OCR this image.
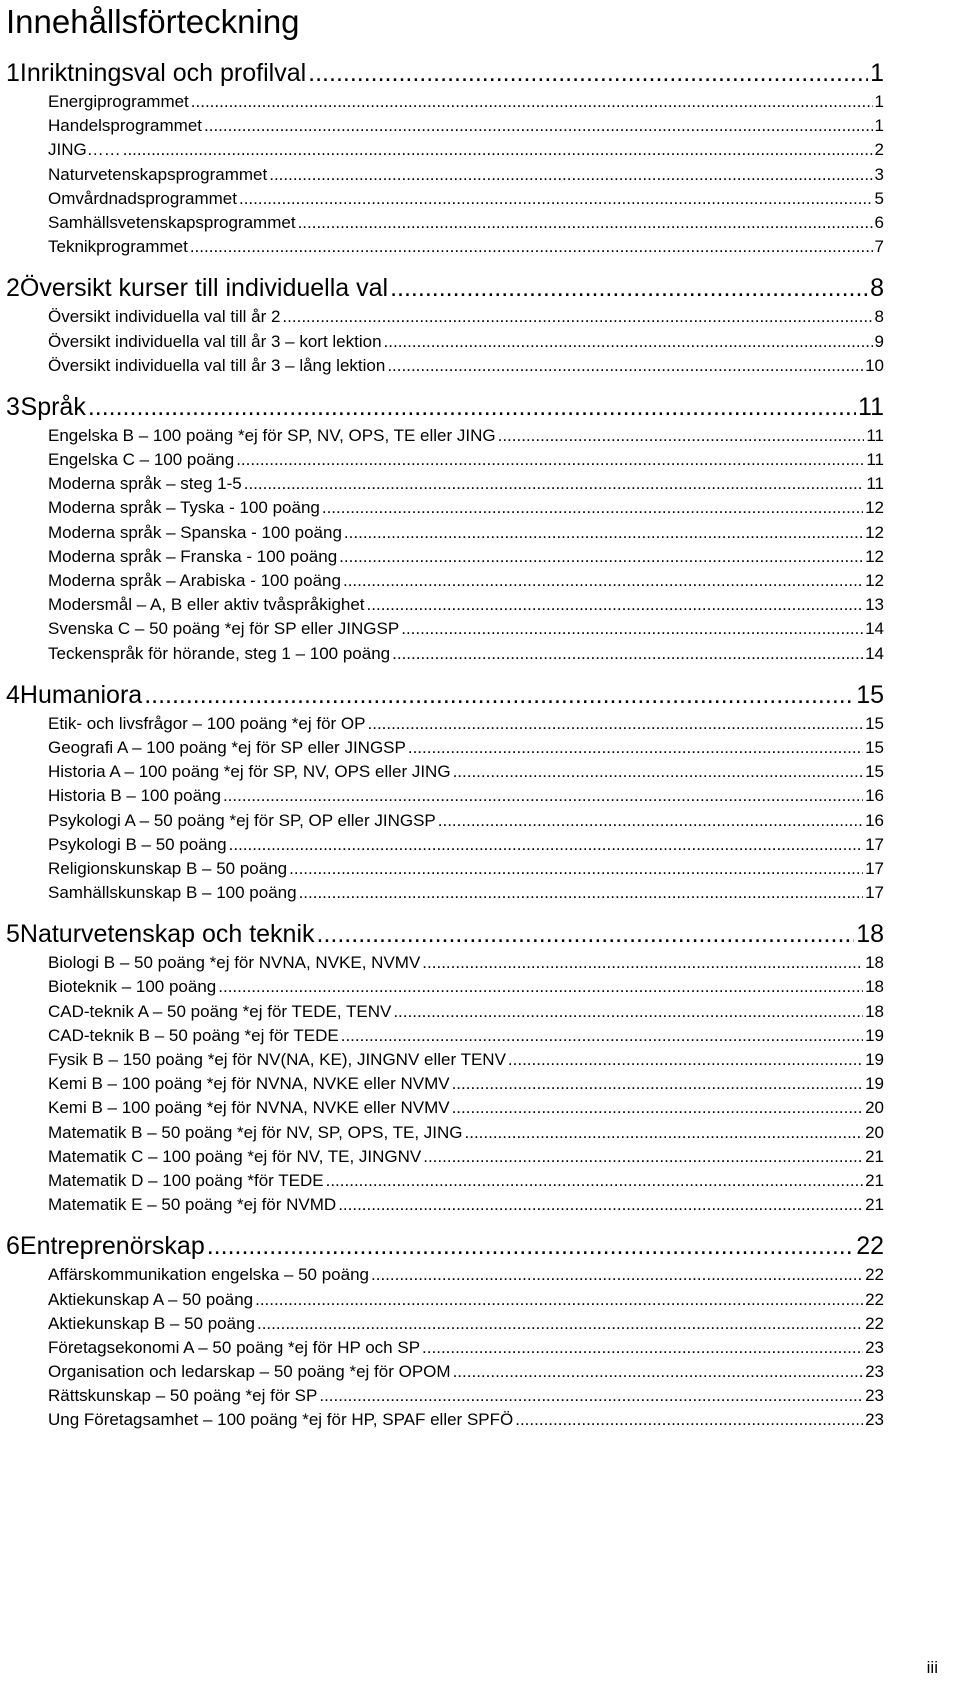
Innehållsförteckning
1 Inriktningsval och profilval .....	1
Energiprogrammet .....	1
Handelsprogrammet .....	1
JING…… .....	2
Naturvetenskapsprogrammet .....	3
Omvårdnadsprogrammet .....	5
Samhällsvetenskapsprogrammet .....	6
Teknikprogrammet .....	7
2 Översikt kurser till individuella val .....	8
Översikt individuella val till år 2 .....	8
Översikt individuella val till år 3 – kort lektion .....	9
Översikt individuella val till år 3 – lång lektion .....	10
3 Språk .....	11
Engelska B – 100 poäng *ej för SP, NV, OPS, TE eller JING .....	11
Engelska C – 100 poäng .....	11
Moderna språk – steg 1-5 .....	11
Moderna språk – Tyska - 100 poäng .....	12
Moderna språk – Spanska - 100 poäng .....	12
Moderna språk – Franska - 100 poäng .....	12
Moderna språk – Arabiska - 100 poäng .....	12
Modersmål – A, B eller aktiv tvåspråkighet .....	13
Svenska C – 50 poäng *ej för SP eller JINGSP .....	14
Teckenspråk för hörande, steg 1 – 100 poäng .....	14
4 Humaniora .....	15
Etik- och livsfrågor – 100 poäng *ej för OP .....	15
Geografi A – 100 poäng *ej för SP eller JINGSP .....	15
Historia A – 100 poäng *ej för SP, NV, OPS eller JING .....	15
Historia B – 100 poäng .....	16
Psykologi A – 50 poäng *ej för SP, OP eller JINGSP .....	16
Psykologi B – 50 poäng .....	17
Religionskunskap B – 50 poäng .....	17
Samhällskunskap B – 100 poäng .....	17
5 Naturvetenskap och teknik .....	18
Biologi B – 50 poäng *ej för NVNA, NVKE, NVMV .....	18
Bioteknik – 100 poäng .....	18
CAD-teknik A – 50 poäng *ej för TEDE, TENV .....	18
CAD-teknik B – 50 poäng *ej för TEDE .....	19
Fysik B – 150 poäng *ej för NV(NA, KE), JINGNV eller TENV .....	19
Kemi B – 100 poäng *ej för NVNA, NVKE eller NVMV .....	19
Kemi B – 100 poäng *ej för NVNA, NVKE eller NVMV .....	20
Matematik B – 50 poäng *ej för NV, SP, OPS, TE, JING .....	20
Matematik C – 100 poäng *ej för NV, TE, JINGNV .....	21
Matematik D – 100 poäng *för TEDE .....	21
Matematik E – 50 poäng *ej för NVMD .....	21
6 Entreprenörskap .....	22
Affärskommunikation engelska – 50 poäng .....	22
Aktiekunskap A – 50 poäng .....	22
Aktiekunskap B – 50 poäng .....	22
Företagsekonomi A – 50 poäng *ej för HP och SP .....	23
Organisation och ledarskap – 50 poäng *ej för OPOM .....	23
Rättskunskap – 50 poäng *ej för SP .....	23
Ung Företagsamhet – 100 poäng *ej för HP, SPAF eller SPFÖ .....	23
iii
